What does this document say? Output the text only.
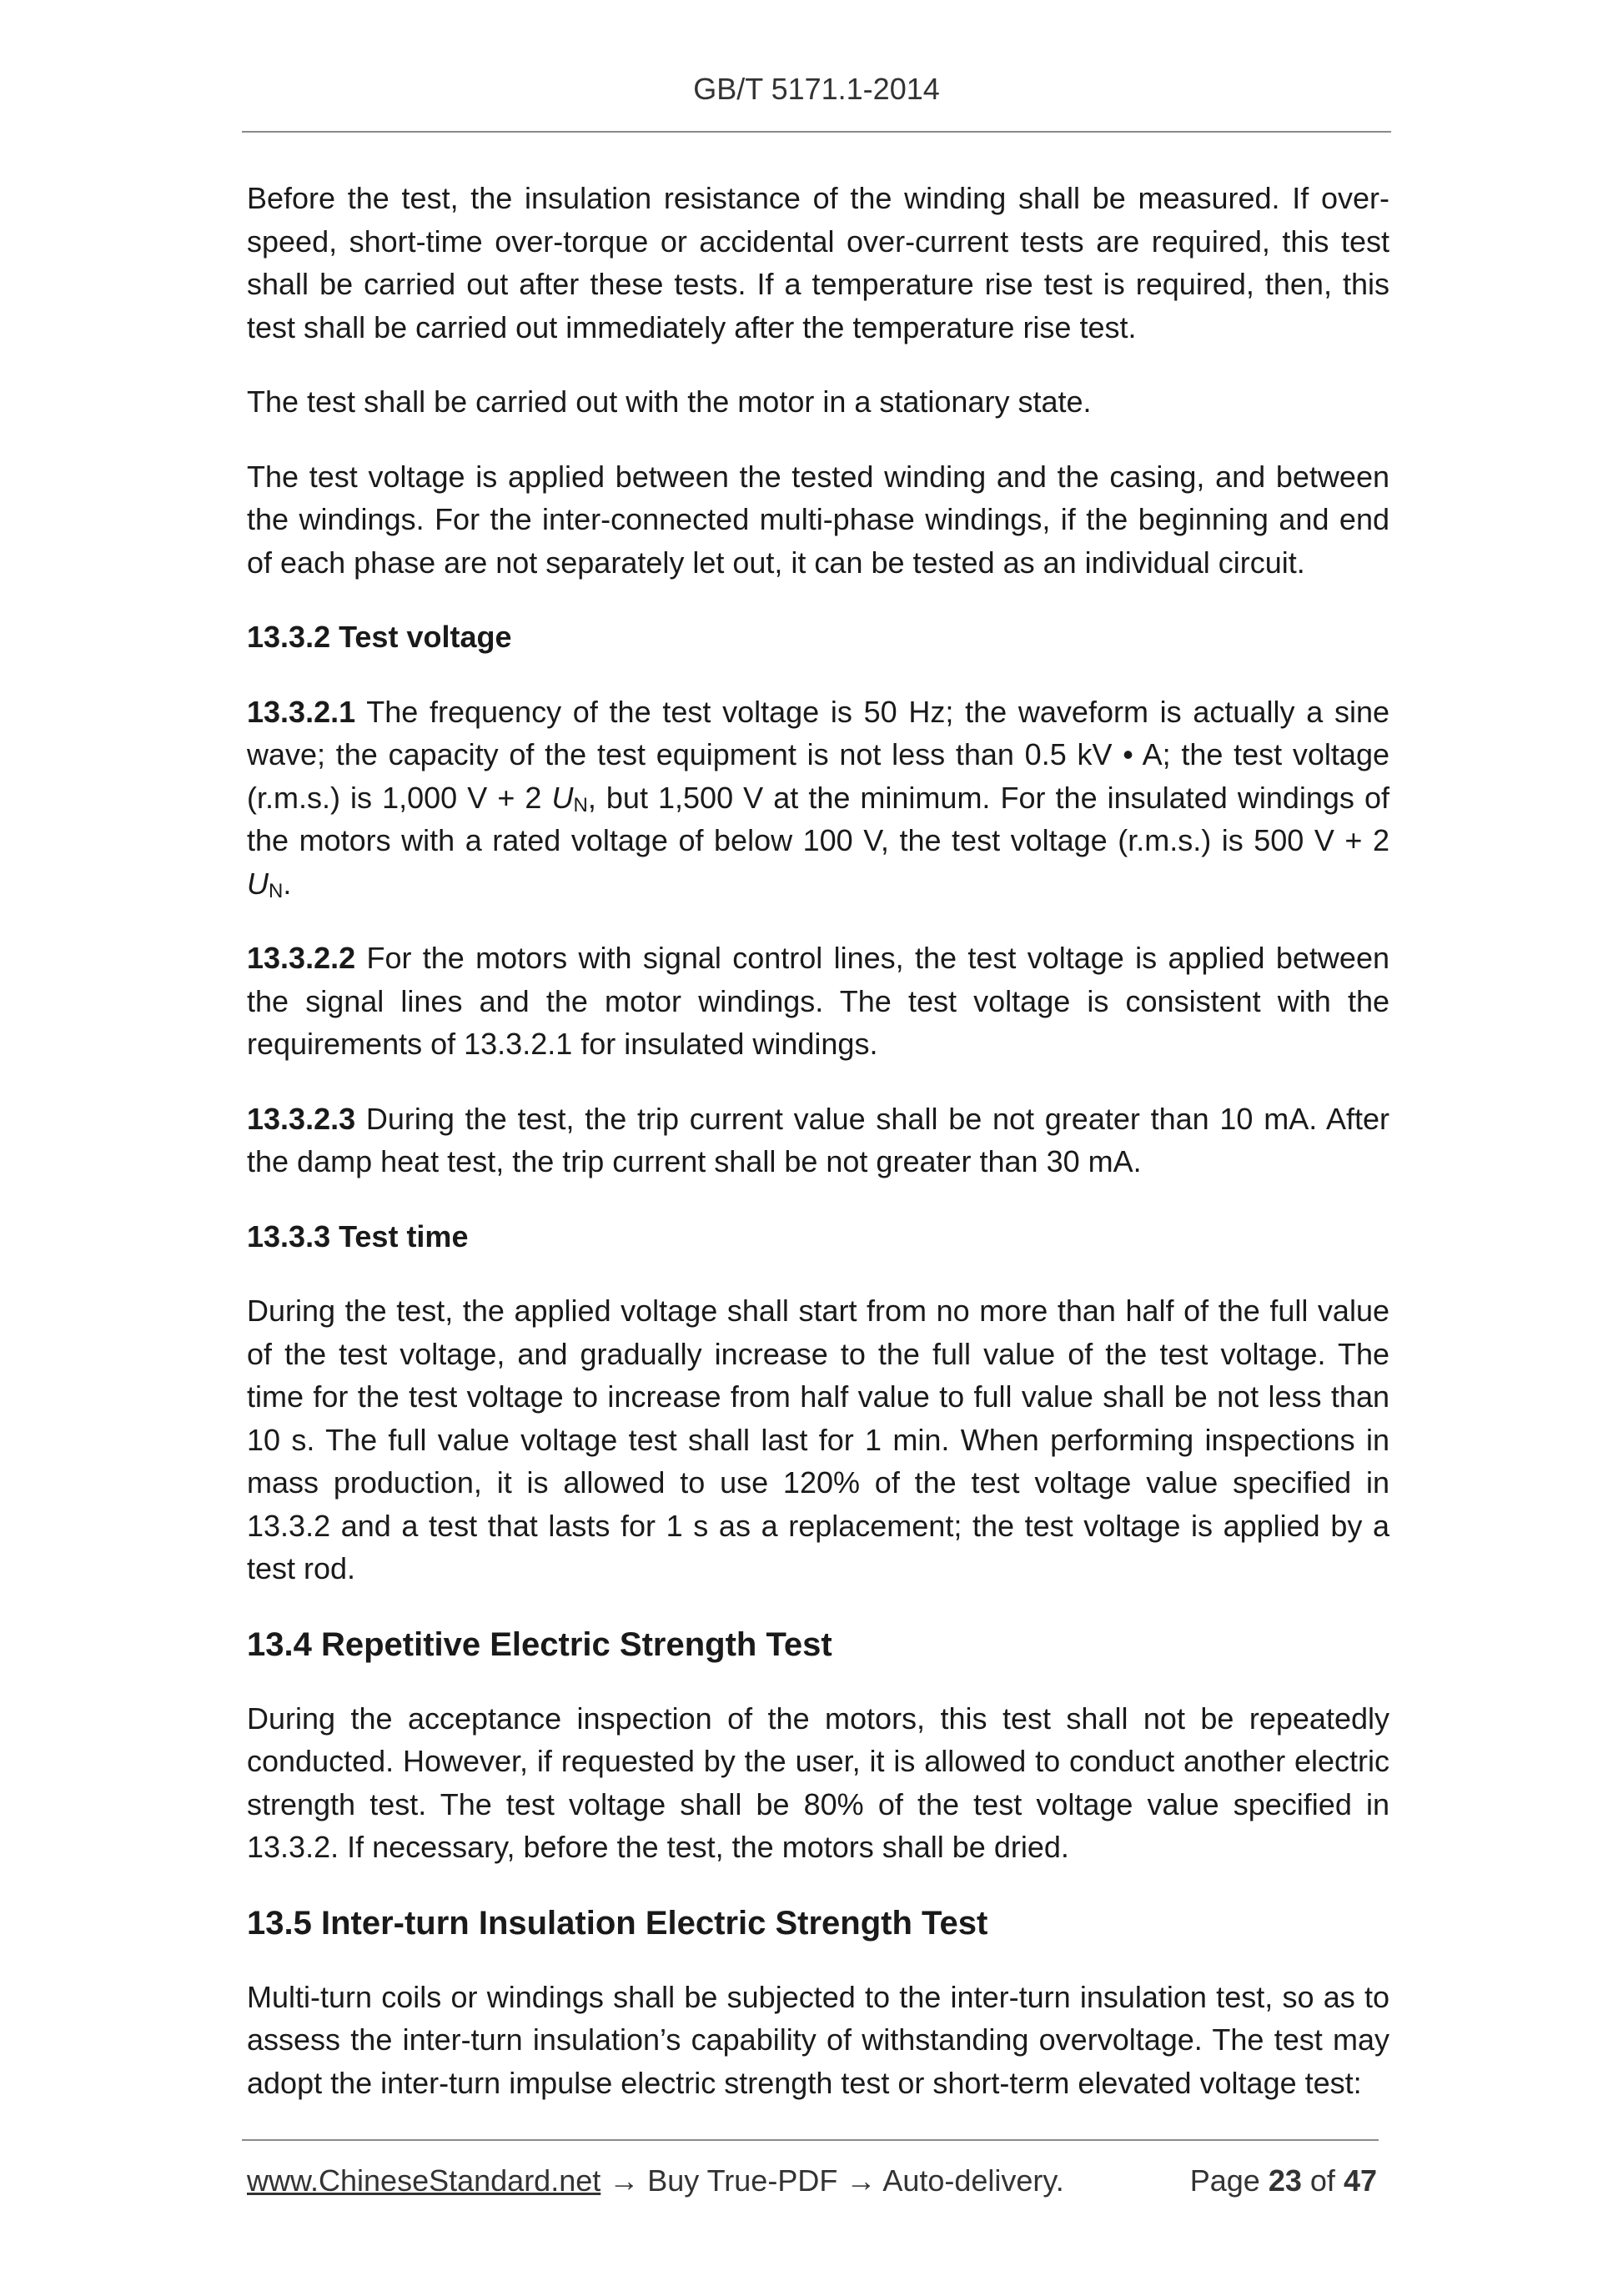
GB/T 5171.1-2014

Before the test, the insulation resistance of the winding shall be measured. If over-speed, short-time over-torque or accidental over-current tests are required, this test shall be carried out after these tests. If a temperature rise test is required, then, this test shall be carried out immediately after the temperature rise test.

The test shall be carried out with the motor in a stationary state.

The test voltage is applied between the tested winding and the casing, and between the windings. For the inter-connected multi-phase windings, if the beginning and end of each phase are not separately let out, it can be tested as an individual circuit.

13.3.2 Test voltage

13.3.2.1 The frequency of the test voltage is 50 Hz; the waveform is actually a sine wave; the capacity of the test equipment is not less than 0.5 kV • A; the test voltage (r.m.s.) is 1,000 V + 2 $U_N$, but 1,500 V at the minimum. For the insulated windings of the motors with a rated voltage of below 100 V, the test voltage (r.m.s.) is 500 V + 2 $U_N$.

13.3.2.2 For the motors with signal control lines, the test voltage is applied between the signal lines and the motor windings. The test voltage is consistent with the requirements of 13.3.2.1 for insulated windings.

13.3.2.3 During the test, the trip current value shall be not greater than 10 mA. After the damp heat test, the trip current shall be not greater than 30 mA.

13.3.3 Test time

During the test, the applied voltage shall start from no more than half of the full value of the test voltage, and gradually increase to the full value of the test voltage. The time for the test voltage to increase from half value to full value shall be not less than 10 s. The full value voltage test shall last for 1 min. When performing inspections in mass production, it is allowed to use 120% of the test voltage value specified in 13.3.2 and a test that lasts for 1 s as a replacement; the test voltage is applied by a test rod.

13.4 Repetitive Electric Strength Test

During the acceptance inspection of the motors, this test shall not be repeatedly conducted. However, if requested by the user, it is allowed to conduct another electric strength test. The test voltage shall be 80% of the test voltage value specified in 13.3.2. If necessary, before the test, the motors shall be dried.

13.5 Inter-turn Insulation Electric Strength Test

Multi-turn coils or windings shall be subjected to the inter-turn insulation test, so as to assess the inter-turn insulation’s capability of withstanding overvoltage. The test may adopt the inter-turn impulse electric strength test or short-term elevated voltage test:

www.ChineseStandard.net → Buy True-PDF → Auto-delivery.	Page 23 of 47
